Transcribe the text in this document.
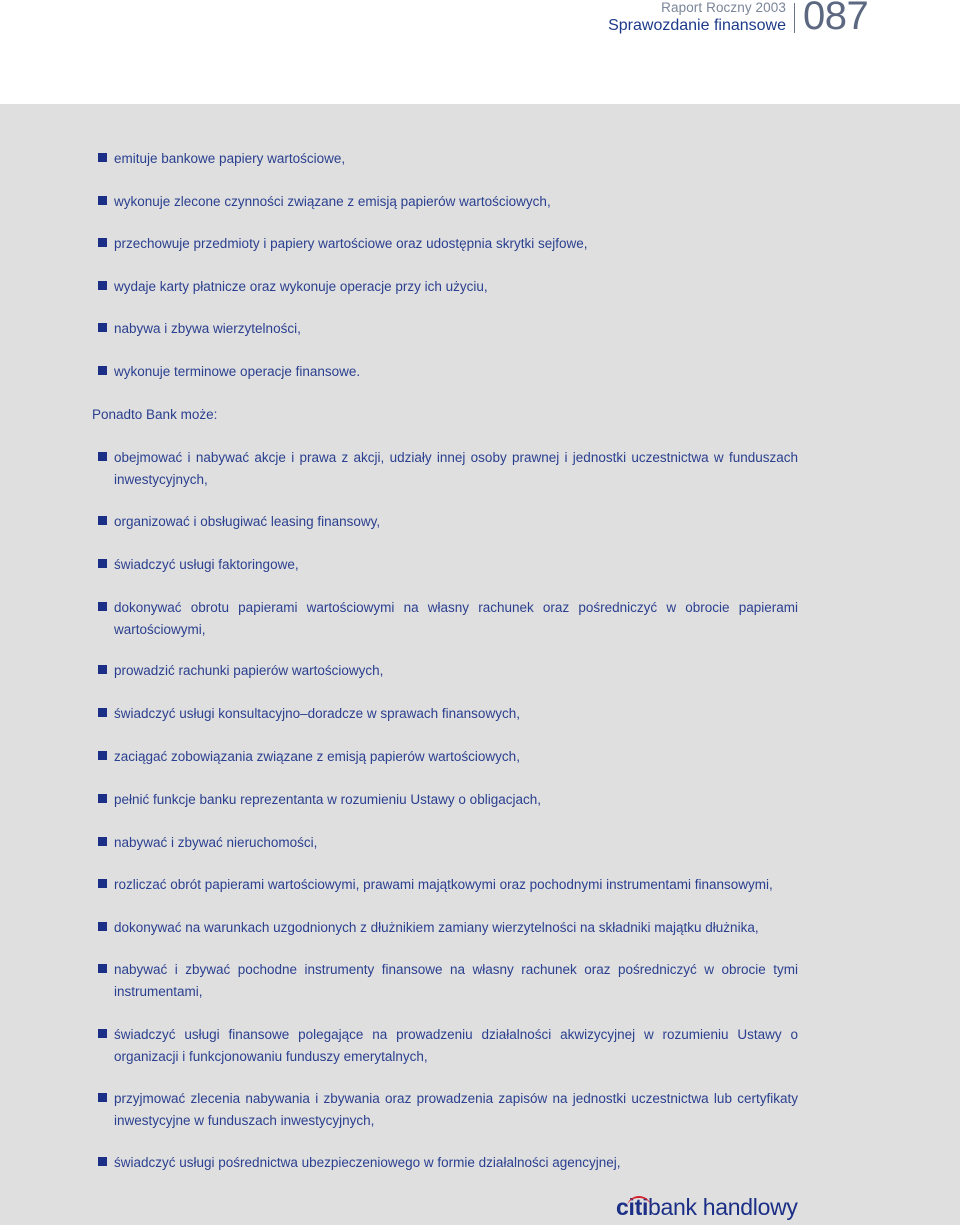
Raport Roczny 2003
Sprawozdanie finansowe 087
emituje bankowe papiery wartościowe,
wykonuje zlecone czynności związane z emisją papierów wartościowych,
przechowuje przedmioty i papiery wartościowe oraz udostępnia skrytki sejfowe,
wydaje karty płatnicze oraz wykonuje operacje przy ich użyciu,
nabywa i zbywa wierzytelności,
wykonuje terminowe operacje finansowe.
Ponadto Bank może:
obejmować i nabywać akcje i prawa z akcji, udziały innej osoby prawnej i jednostki uczestnictwa w funduszach inwestycyjnych,
organizować i obsługiwać leasing finansowy,
świadczyć usługi faktoringowe,
dokonywać obrotu papierami wartościowymi na własny rachunek oraz pośredniczyć w obrocie papierami wartościowymi,
prowadzić rachunki papierów wartościowych,
świadczyć usługi konsultacyjno–doradcze w sprawach finansowych,
zaciągać zobowiązania związane z emisją papierów wartościowych,
pełnić funkcje banku reprezentanta w rozumieniu Ustawy o obligacjach,
nabywać i zbywać nieruchomości,
rozliczać obrót papierami wartościowymi, prawami majątkowymi oraz pochodnymi instrumentami finansowymi,
dokonywać na warunkach uzgodnionych z dłużnikiem zamiany wierzytelności na składniki majątku dłużnika,
nabywać i zbywać pochodne instrumenty finansowe na własny rachunek oraz pośredniczyć w obrocie tymi instrumentami,
świadczyć usługi finansowe polegające na prowadzeniu działalności akwizycyjnej w rozumieniu Ustawy o organizacji i funkcjonowaniu funduszy emerytalnych,
przyjmować zlecenia nabywania i zbywania oraz prowadzenia zapisów na jednostki uczestnictwa lub certyfikaty inwestycyjne w funduszach inwestycyjnych,
świadczyć usługi pośrednictwa ubezpieczeniowego w formie działalności agencyjnej,
citibank handlowy
